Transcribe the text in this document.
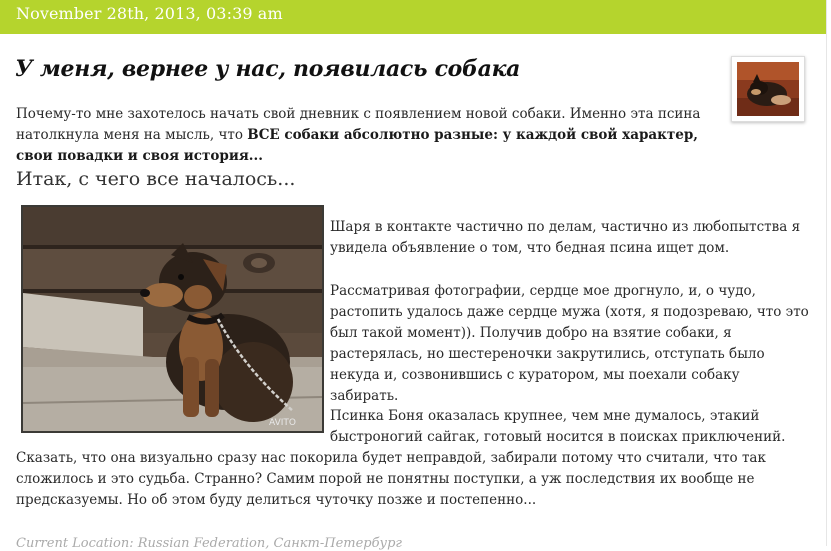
November 28th, 2013, 03:39 am
У меня, вернее у нас, появилась собака

Почему-то мне захотелось начать свой дневник с появлением новой собаки. Именно эта псина натолкнула меня на мысль, что ВСЕ собаки абсолютно разные: у каждой свой характер, свои повадки и своя история...

Итак, с чего все началось...

AVITO

Шаря в контакте частично по делам, частично из любопытства я увидела объявление о том, что бедная псина ищет дом.

Рассматривая фотографии, сердце мое дрогнуло, и, о чудо, растопить удалось даже сердце мужа (хотя, я подозреваю, что это был такой момент)). Получив добро на взятие собаки, я растерялась, но шестереночки закрутились, отступать было некуда и, созвонившись с куратором, мы поехали собаку забирать.

Псинка Боня оказалась крупнее, чем мне думалось, этакий быстроногий сайгак, готовый носится в поисках приключений.

Сказать, что она визуально сразу нас покорила будет неправдой, забирали потому что считали, что так сложилось и это судьба. Странно? Самим порой не понятны поступки, а уж последствия их вообще не предсказуемы. Но об этом буду делиться чуточку позже и постепенно...

Current Location: Russian Federation, Санкт-Петербург
